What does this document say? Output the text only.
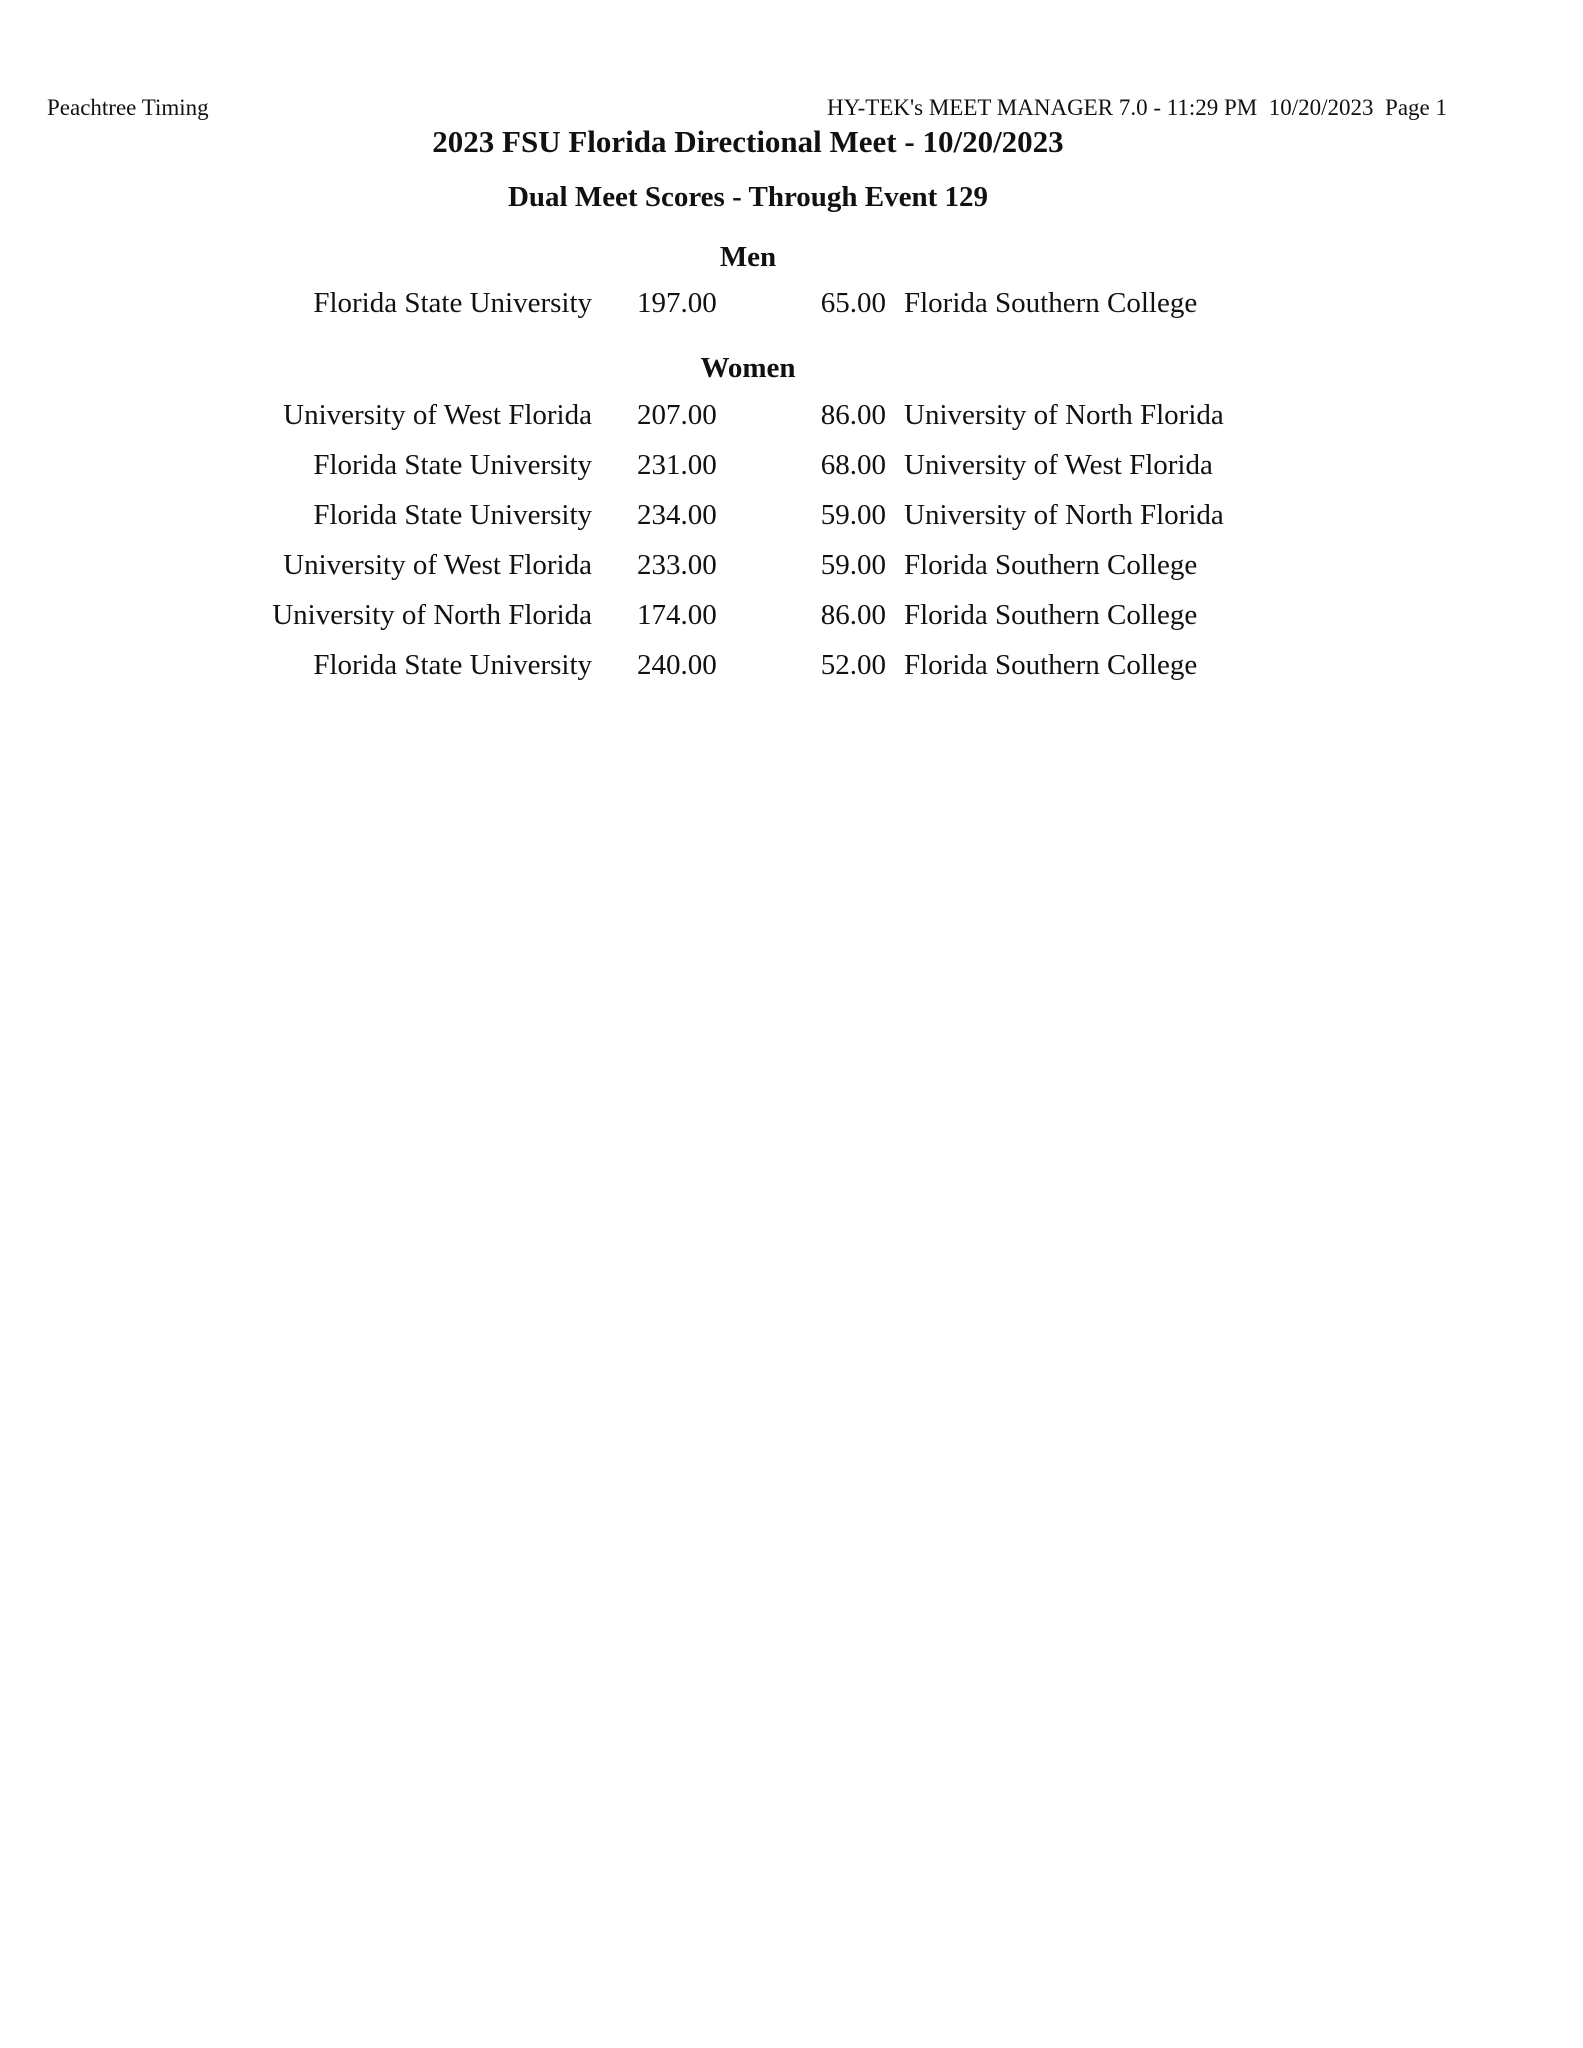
Peachtree Timing	HY-TEK's MEET MANAGER 7.0 - 11:29 PM  10/20/2023  Page 1
2023 FSU Florida Directional Meet - 10/20/2023
Dual Meet Scores - Through Event 129
Men
Florida State University 197.00	65.00 Florida Southern College
Women
University of West Florida 207.00	86.00 University of North Florida
Florida State University 231.00	68.00 University of West Florida
Florida State University 234.00	59.00 University of North Florida
University of West Florida 233.00	59.00 Florida Southern College
University of North Florida 174.00	86.00 Florida Southern College
Florida State University 240.00	52.00 Florida Southern College
